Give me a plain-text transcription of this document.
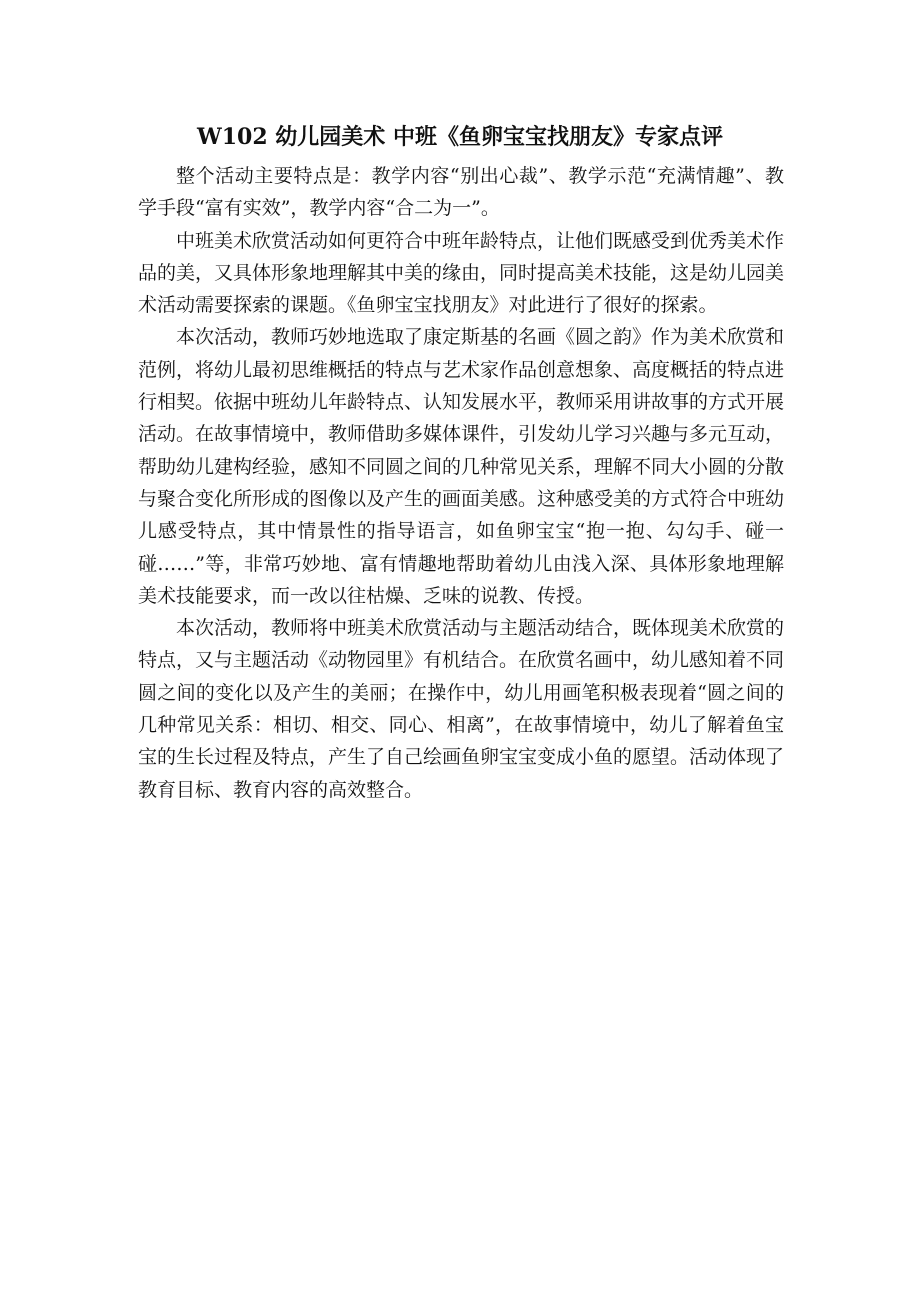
W102 幼儿园美术 中班《鱼卵宝宝找朋友》专家点评

整个活动主要特点是：教学内容“别出心裁”、教学示范“充满情趣”、教学手段“富有实效”，教学内容“合二为一”。

中班美术欣赏活动如何更符合中班年龄特点，让他们既感受到优秀美术作品的美，又具体形象地理解其中美的缘由，同时提高美术技能，这是幼儿园美术活动需要探索的课题。《鱼卵宝宝找朋友》对此进行了很好的探索。

本次活动，教师巧妙地选取了康定斯基的名画《圆之韵》作为美术欣赏和范例，将幼儿最初思维概括的特点与艺术家作品创意想象、高度概括的特点进行相契。依据中班幼儿年龄特点、认知发展水平，教师采用讲故事的方式开展活动。在故事情境中，教师借助多媒体课件，引发幼儿学习兴趣与多元互动，帮助幼儿建构经验，感知不同圆之间的几种常见关系，理解不同大小圆的分散与聚合变化所形成的图像以及产生的画面美感。这种感受美的方式符合中班幼儿感受特点，其中情景性的指导语言，如鱼卵宝宝“抱一抱、勾勾手、碰一碰……”等，非常巧妙地、富有情趣地帮助着幼儿由浅入深、具体形象地理解美术技能要求，而一改以往枯燥、乏味的说教、传授。

本次活动，教师将中班美术欣赏活动与主题活动结合，既体现美术欣赏的特点，又与主题活动《动物园里》有机结合。在欣赏名画中，幼儿感知着不同圆之间的变化以及产生的美丽；在操作中，幼儿用画笔积极表现着“圆之间的几种常见关系：相切、相交、同心、相离”，在故事情境中，幼儿了解着鱼宝宝的生长过程及特点，产生了自己绘画鱼卵宝宝变成小鱼的愿望。活动体现了教育目标、教育内容的高效整合。
